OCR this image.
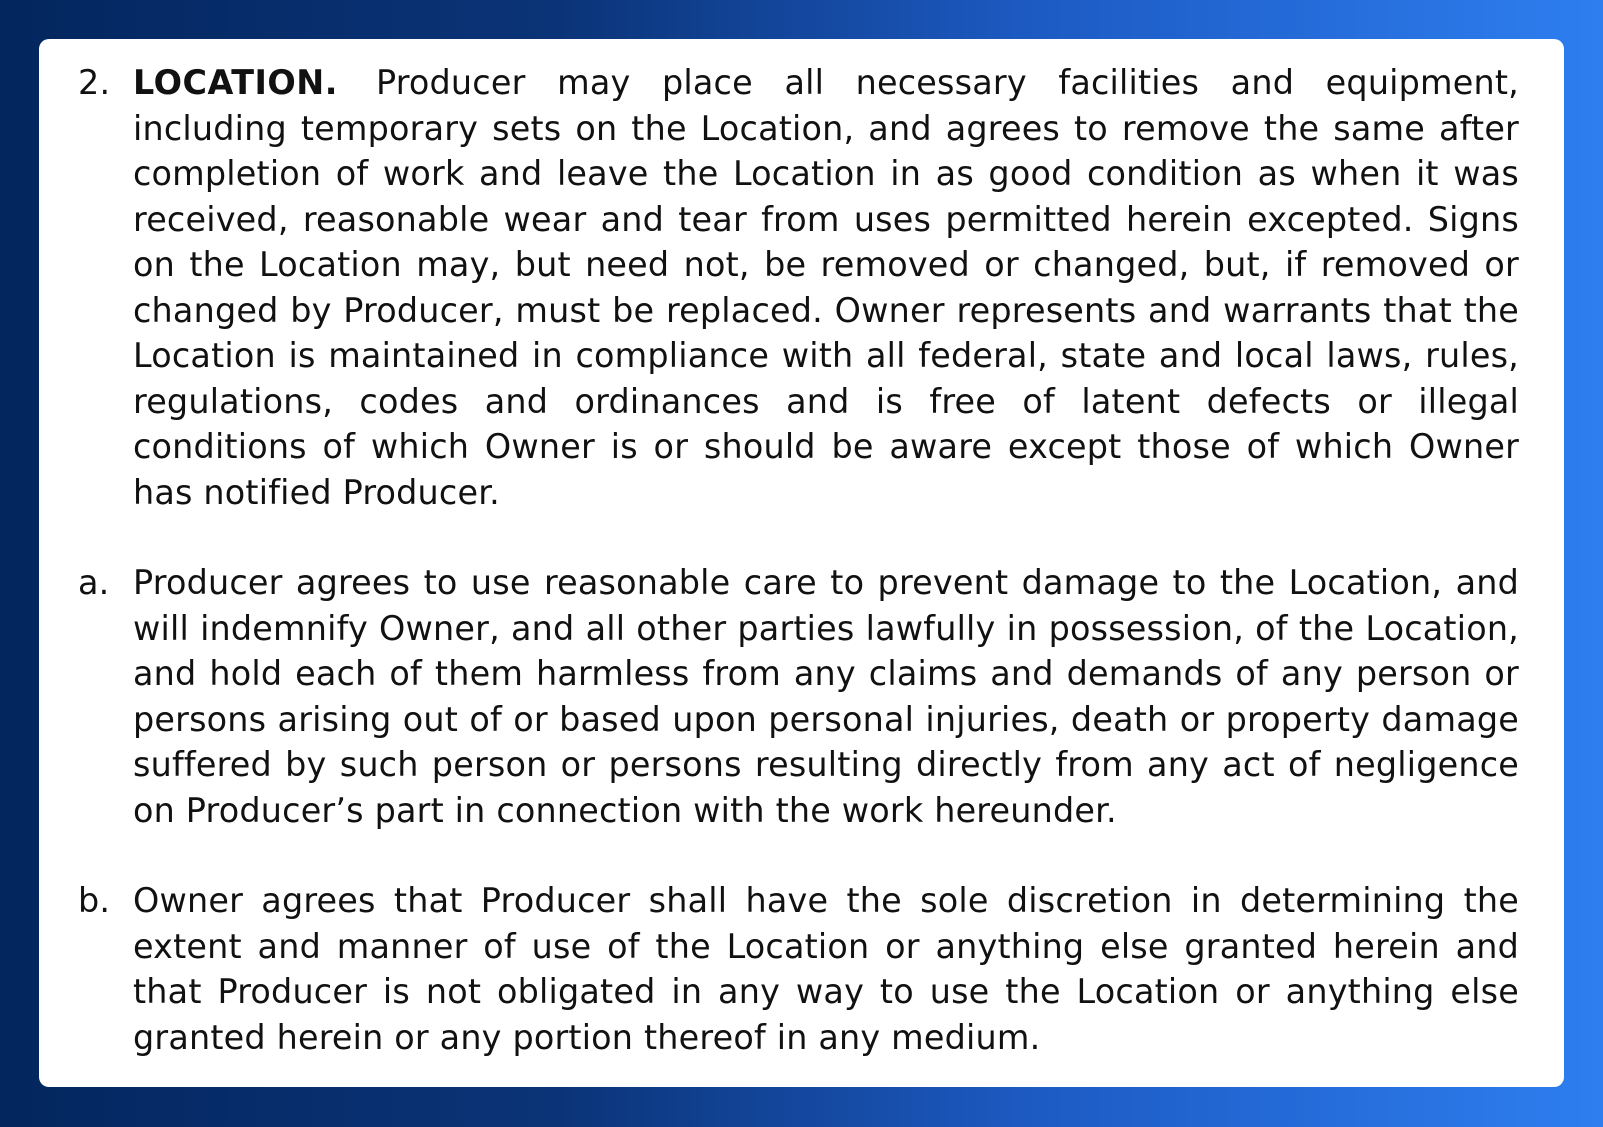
2. LOCATION. Producer may place all necessary facilities and equipment, including temporary sets on the Location, and agrees to remove the same after completion of work and leave the Location in as good condition as when it was received, reasonable wear and tear from uses permitted herein excepted. Signs on the Location may, but need not, be removed or changed, but, if removed or changed by Producer, must be replaced. Owner represents and warrants that the Location is maintained in compliance with all federal, state and local laws, rules, regulations, codes and ordinances and is free of latent defects or illegal conditions of which Owner is or should be aware except those of which Owner has notified Producer.
a. Producer agrees to use reasonable care to prevent damage to the Location, and will indemnify Owner, and all other parties lawfully in possession, of the Location, and hold each of them harmless from any claims and demands of any person or persons arising out of or based upon personal injuries, death or property damage suffered by such person or persons resulting directly from any act of negligence on Producer’s part in connection with the work hereunder.
b. Owner agrees that Producer shall have the sole discretion in determining the extent and manner of use of the Location or anything else granted herein and that Producer is not obligated in any way to use the Location or anything else granted herein or any portion thereof in any medium.
